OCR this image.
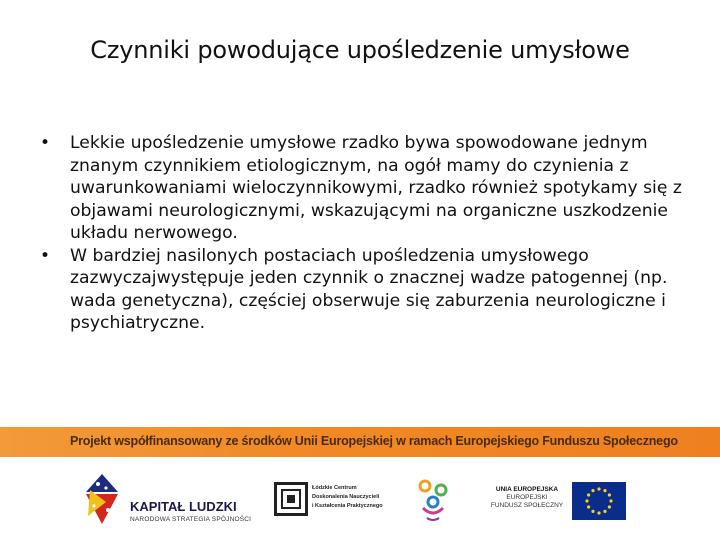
Czynniki powodujące upośledzenie umysłowe
•	Lekkie upośledzenie umysłowe rzadko bywa spowodowane jednym znanym czynnikiem etiologicznym, na ogół mamy do czynienia z uwarunkowaniami wieloczynnikowymi, rzadko również spotykamy się z objawami neurologicznymi, wskazującymi na organiczne uszkodzenie układu nerwowego.
•	W bardziej nasilonych postaciach upośledzenia umysłowego zazwyczajwystępuje jeden czynnik o znacznej wadze patogennej (np. wada genetyczna), częściej obserwuje się zaburzenia neurologiczne i psychiatryczne.
Projekt współfinansowany ze środków Unii Europejskiej w ramach Europejskiego Funduszu Społecznego
KAPITAŁ LUDZKI
NARODOWA STRATEGIA SPÓJNOŚCI
Łódzkie Centrum
Doskonalenia Nauczycieli
i Kształcenia Praktycznego
UNIA EUROPEJSKA
EUROPEJSKI
FUNDUSZ SPOŁECZNY
